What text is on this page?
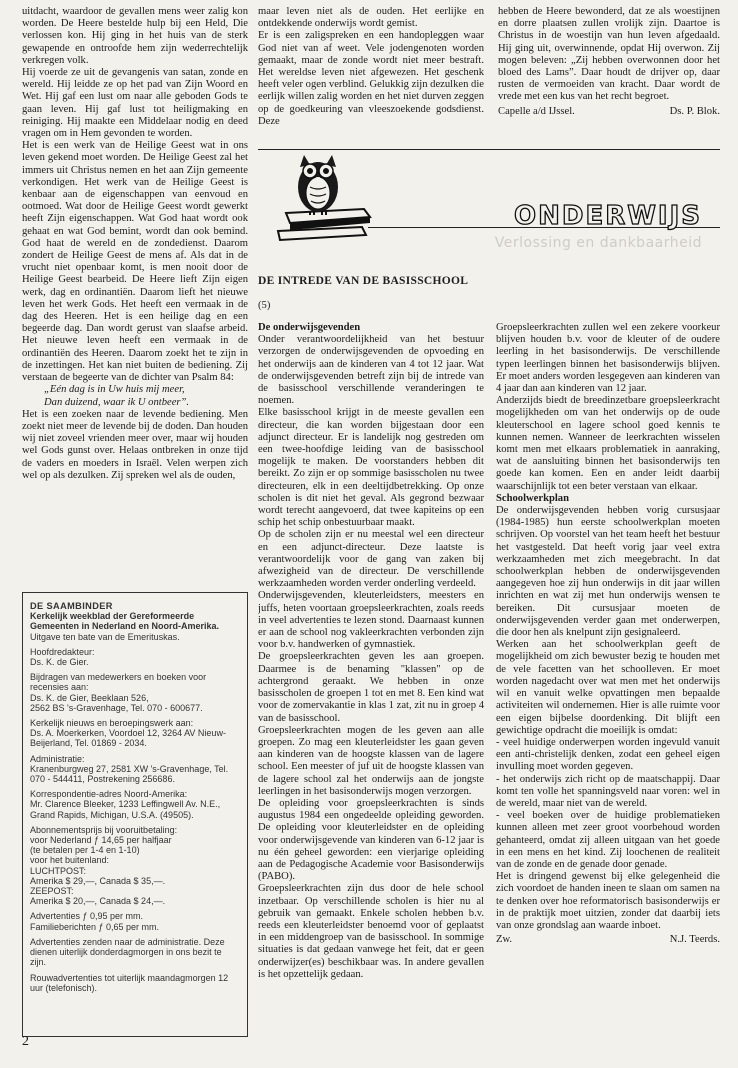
uitdacht, waardoor de gevallen mens weer zalig kon worden. De Heere bestelde hulp bij een Held, Die verlossen kon. Hij ging in het huis van de sterk gewapende en ontroofde hem zijn wederrechtelijk verkregen volk.

Hij voerde ze uit de gevangenis van satan, zonde en wereld. Hij leidde ze op het pad van Zijn Woord en Wet. Hij gaf een lust om naar alle geboden Gods te gaan leven. Hij gaf lust tot heiligmaking en reiniging. Hij maakte een Middelaar nodig en deed vragen om in Hem gevonden te worden.

Het is een werk van de Heilige Geest wat in ons leven gekend moet worden. De Heilige Geest zal het immers uit Christus nemen en het aan Zijn gemeente verkondigen. Het werk van de Heilige Geest is kenbaar aan de eigenschappen van eenvoud en ootmoed. Wat door de Heilige Geest wordt gewerkt heeft Zijn eigenschappen. Wat God haat wordt ook gehaat en wat God bemint, wordt dan ook bemind. God haat de wereld en de zondedienst. Daarom zondert de Heilige Geest de mens af. Als dat in de vrucht niet openbaar komt, is men nooit door de Heilige Geest bearbeid. De Heere lieft Zijn eigen werk, dag en ordinantiën. Daarom lieft het nieuwe leven het werk Gods. Het heeft een vermaak in de dag des Heeren. Het is een heilige dag en een begeerde dag. Dan wordt gerust van slaafse arbeid. Het nieuwe leven heeft een vermaak in de ordinantiën des Heeren. Daarom zoekt het te zijn in de inzettingen. Het kan niet buiten de bediening. Zij verstaan de begeerte van de dichter van Psalm 84:

„Eén dag is in Uw huis mij meer,

Dan duizend, waar ik U ontbeer”.

Het is een zoeken naar de levende bediening. Men zoekt niet meer de levende bij de doden. Dan houden wij niet zoveel vrienden meer over, maar wij houden wel Gods gunst over. Helaas ontbreken in onze tijd de vaders en moeders in Israël. Velen werpen zich wel op als dezulken. Zij spreken wel als de ouden,

maar leven niet als de ouden. Het eerlijke en ontdekkende onderwijs wordt gemist.

Er is een zaligspreken en een handopleggen waar God niet van af weet. Vele jodengenoten worden gemaakt, maar de zonde wordt niet meer bestraft. Het wereldse leven niet afgewezen. Het geschenk heeft veler ogen verblind. Gelukkig zijn dezulken die eerlijk willen zalig worden en het niet durven zeggen op de goedkeuring van vleeszoekende godsdienst. Deze

hebben de Heere bewonderd, dat ze als woestijnen en dorre plaatsen zullen vrolijk zijn. Daartoe is Christus in de woestijn van hun leven afgedaald. Hij ging uit, overwinnende, opdat Hij overwon. Zij mogen beleven: „Zij hebben overwonnen door het bloed des Lams”. Daar houdt de drijver op, daar rusten de vermoeiden van kracht. Daar wordt de vrede met een kus van het recht begroet.

Capelle a/d IJssel.	Ds. P. Blok.
ONDERWIJS
Verlossing en dankbaarheid
DE INTREDE VAN DE BASISSCHOOL
(5)
De onderwijsgevenden

Onder verantwoordelijkheid van het bestuur verzorgen de onderwijsgevenden de opvoeding en het onderwijs aan de kinderen van 4 tot 12 jaar. Wat de onderwijsgevenden betreft zijn bij de intrede van de basisschool verschillende veranderingen te noemen.

Elke basisschool krijgt in de meeste gevallen een directeur, die kan worden bijgestaan door een adjunct directeur. Er is landelijk nog gestreden om een twee-hoofdige leiding van de basisschool mogelijk te maken. De voorstanders hebben dit bereikt. Zo zijn er op sommige basisscholen nu twee directeuren, elk in een deeltijdbetrekking. Op onze scholen is dit niet het geval. Als gegrond bezwaar wordt terecht aangevoerd, dat twee kapiteins op een schip het schip onbestuurbaar maakt.

Op de scholen zijn er nu meestal wel een directeur en een adjunct-directeur. Deze laatste is verantwoordelijk voor de gang van zaken bij afwezigheid van de directeur. De verschillende werkzaamheden worden verder onderling verdeeld.

Onderwijsgevenden, kleuterleidsters, meesters en juffs, heten voortaan groepsleerkrachten, zoals reeds in veel advertenties te lezen stond. Daarnaast kunnen er aan de school nog vakleerkrachten verbonden zijn voor b.v. handwerken of gymnastiek.

De groepsleerkrachten geven les aan groepen. Daarmee is de benaming "klassen" op de achtergrond geraakt. We hebben in onze basisscholen de groepen 1 tot en met 8. Een kind wat voor de zomervakantie in klas 1 zat, zit nu in groep 4 van de basisschool.

Groepsleerkrachten mogen de les geven aan alle groepen. Zo mag een kleuterleidster les gaan geven aan kinderen van de hoogste klassen van de lagere school. Een meester of juf uit de hoogste klassen van de lagere school zal het onderwijs aan de jongste leerlingen in het basisonderwijs mogen verzorgen.

De opleiding voor groepsleerkrachten is sinds augustus 1984 een ongedeelde opleiding geworden. De opleiding voor kleuterleidster en de opleiding voor onderwijsgevende van kinderen van 6-12 jaar is nu één geheel geworden: een vierjarige opleiding aan de Pedagogische Academie voor Basisonderwijs (PABO).

Groepsleerkrachten zijn dus door de hele school inzetbaar. Op verschillende scholen is hier nu al gebruik van gemaakt. Enkele scholen hebben b.v. reeds een kleuterleidster benoemd voor of geplaatst in een middengroep van de basisschool. In sommige situaties is dat gedaan vanwege het feit, dat er geen onderwijzer(es) beschikbaar was. In andere gevallen is het opzettelijk gedaan.

Groepsleerkrachten zullen wel een zekere voorkeur blijven houden b.v. voor de kleuter of de oudere leerling in het basisonderwijs. De verschillende typen leerlingen binnen het basisonderwijs blijven. Er moet anders worden lesgegeven aan kinderen van 4 jaar dan aan kinderen van 12 jaar.

Anderzijds biedt de breedinzetbare groepsleerkracht mogelijkheden om van het onderwijs op de oude kleuterschool en lagere school goed kennis te kunnen nemen. Wanneer de leerkrachten wisselen komt men met elkaars problematiek in aanraking, wat de aansluiting binnen het basisonderwijs ten goede kan komen. Een en ander leidt daarbij waarschijnlijk tot een beter verstaan van elkaar.

Schoolwerkplan

De onderwijsgevenden hebben vorig cursusjaar (1984-1985) hun eerste schoolwerkplan moeten schrijven. Op voorstel van het team heeft het bestuur het vastgesteld. Dat heeft vorig jaar veel extra werkzaamheden met zich meegebracht. In dat schoolwerkplan hebben de onderwijsgevenden aangegeven hoe zij hun onderwijs in dit jaar willen inrichten en wat zij met hun onderwijs wensen te bereiken. Dit cursusjaar moeten de onderwijsgevenden verder gaan met onderwerpen, die door hen als knelpunt zijn gesignaleerd.

Werken aan het schoolwerkplan geeft de mogelijkheid om zich bewuster bezig te houden met de vele facetten van het schoolleven. Er moet worden nagedacht over wat men met het onderwijs wil en vanuit welke opvattingen men bepaalde activiteiten wil ondernemen. Hier is alle ruimte voor een eigen bijbelse doordenking. Dit blijft een gewichtige opdracht die moeilijk is omdat:

- veel huidige onderwerpen worden ingevuld vanuit een anti-christelijk denken, zodat een geheel eigen invulling moet worden gegeven.

- het onderwijs zich richt op de maatschappij. Daar komt ten volle het spanningsveld naar voren: wel in de wereld, maar niet van de wereld.

- veel boeken over de huidige problematieken kunnen alleen met zeer groot voorbehoud worden gehanteerd, omdat zij alleen uitgaan van het goede in een mens en het kind. Zij loochenen de realiteit van de zonde en de genade door genade.

Het is dringend gewenst bij elke gelegenheid die zich voordoet de handen ineen te slaan om samen na te denken over hoe reformatorisch basisonderwijs er in de praktijk moet uitzien, zonder dat daarbij iets van onze grondslag aan waarde inboet.

Zw.	N.J. Teerds.
DE SAAMBINDER
Kerkelijk weekblad der Gereformeerde Gemeenten in Nederland en Noord-Amerika.
Uitgave ten bate van de Emerituskas.
Hoofdredakteur:
Ds. K. de Gier.
Bijdragen van medewerkers en boeken voor recensies aan:
Ds. K. de Gier, Beeklaan 526,
2562 BS 's-Gravenhage, Tel. 070 - 600677.
Kerkelijk nieuws en beroepingswerk aan:
Ds. A. Moerkerken, Voordoel 12, 3264 AV Nieuw-Beijerland, Tel. 01869 - 2034.
Administratie:
Kranenburgweg 27, 2581 XW 's-Gravenhage, Tel. 070 - 544411, Postrekening 256686.
Korrespondentie-adres Noord-Amerika:
Mr. Clarence Bleeker, 1233 Leffingwell Av. N.E., Grand Rapids, Michigan, U.S.A. (49505).
Abonnementsprijs bij vooruitbetaling:
voor Nederland ƒ 14,65 per halfjaar
(te betalen per 1-4 en 1-10)
voor het buitenland:
LUCHTPOST:
Amerika $ 29,—, Canada $ 35,—.
ZEEPOST:
Amerika $ 20,—, Canada $ 24,—.
Advertenties ƒ 0,95 per mm.
Familieberichten ƒ 0,65 per mm.
Advertenties zenden naar de administratie. Deze dienen uiterlijk donderdagmorgen in ons bezit te zijn.
Rouwadvertenties tot uiterlijk maandagmorgen 12 uur (telefonisch).
2
